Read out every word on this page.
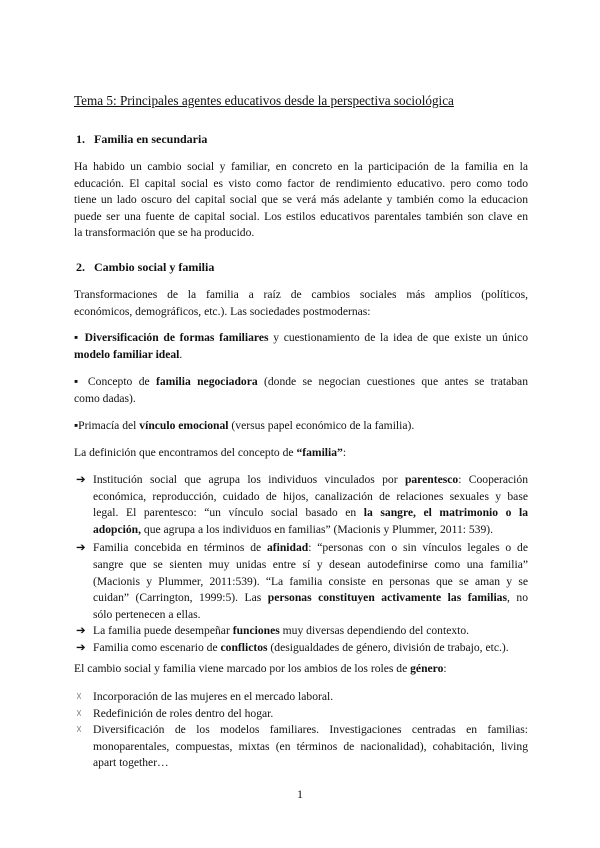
Tema 5: Principales agentes educativos desde la perspectiva sociológica
1. Familia en secundaria
Ha habido un cambio social y familiar, en concreto en la participación de la familia en la
educación. El capital social es visto como factor de rendimiento educativo. pero como todo
tiene un lado oscuro del capital social que se verá más adelante y también como la educacion
puede ser una fuente de capital social. Los estilos educativos parentales también son clave en
la transformación que se ha producido.
2. Cambio social y familia
Transformaciones de la familia a raíz de cambios sociales más amplios (políticos,
económicos, demográficos, etc.). Las sociedades postmodernas:
▪ Diversificación de formas familiares y cuestionamiento de la idea de que existe un único
modelo familiar ideal.
▪ Concepto de familia negociadora (donde se negocian cuestiones que antes se trataban
como dadas).
▪Primacía del vínculo emocional (versus papel económico de la familia).
La definición que encontramos del concepto de “familia”:
➔ Institución social que agrupa los individuos vinculados por parentesco: Cooperación
económica, reproducción, cuidado de hijos, canalización de relaciones sexuales y base
legal. El parentesco: “un vínculo social basado en la sangre, el matrimonio o la
adopción, que agrupa a los individuos en familias” (Macionis y Plummer, 2011: 539).
➔ Familia concebida en términos de afinidad: “personas con o sin vínculos legales o de
sangre que se sienten muy unidas entre sí y desean autodefinirse como una familia”
(Macionis y Plummer, 2011:539). “La familia consiste en personas que se aman y se
cuidan” (Carrington, 1999:5). Las personas constituyen activamente las familias, no
sólo pertenecen a ellas.
➔ La familia puede desempeñar funciones muy diversas dependiendo del contexto.
➔ Familia como escenario de conflictos (desigualdades de género, división de trabajo, etc.).
El cambio social y familia viene marcado por los ambios de los roles de género:
☓ Incorporación de las mujeres en el mercado laboral.
☓ Redefinición de roles dentro del hogar.
☓ Diversificación de los modelos familiares. Investigaciones centradas en familias:
monoparentales, compuestas, mixtas (en términos de nacionalidad), cohabitación, living
apart together…
1
